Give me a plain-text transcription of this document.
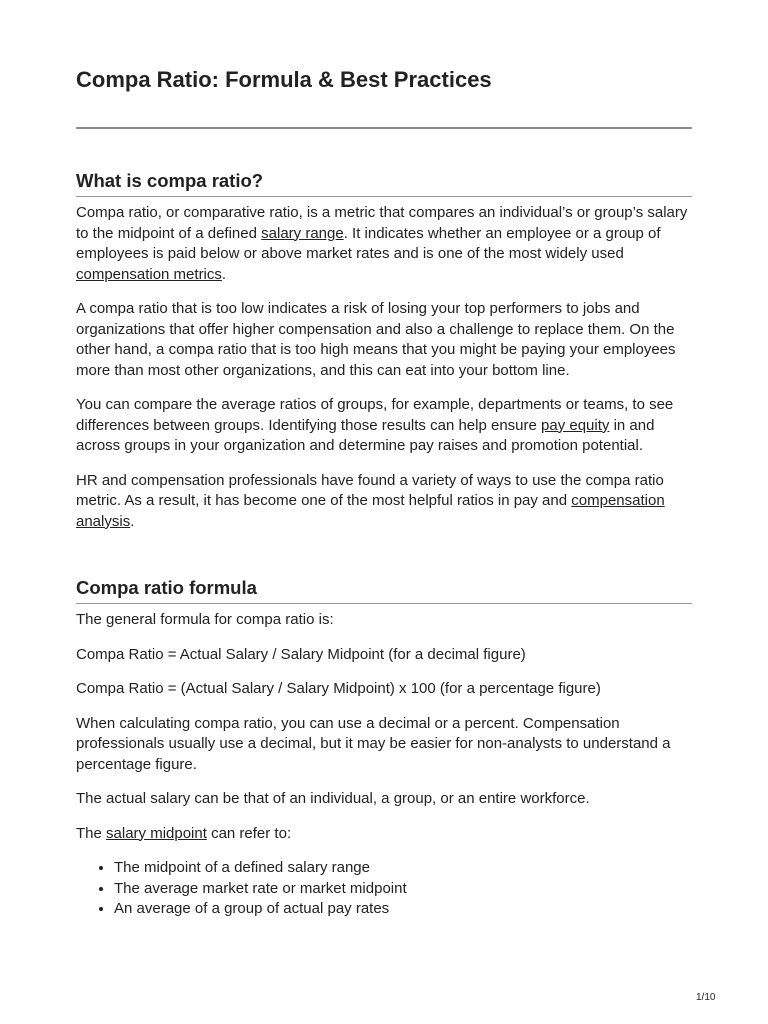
Compa Ratio: Formula & Best Practices
What is compa ratio?

Compa ratio, or comparative ratio, is a metric that compares an individual’s or group’s salary to the midpoint of a defined salary range. It indicates whether an employee or a group of employees is paid below or above market rates and is one of the most widely used compensation metrics.

A compa ratio that is too low indicates a risk of losing your top performers to jobs and organizations that offer higher compensation and also a challenge to replace them. On the other hand, a compa ratio that is too high means that you might be paying your employees more than most other organizations, and this can eat into your bottom line.

You can compare the average ratios of groups, for example, departments or teams, to see differences between groups. Identifying those results can help ensure pay equity in and across groups in your organization and determine pay raises and promotion potential.

HR and compensation professionals have found a variety of ways to use the compa ratio metric. As a result, it has become one of the most helpful ratios in pay and compensation analysis.

Compa ratio formula

The general formula for compa ratio is:

Compa Ratio = Actual Salary / Salary Midpoint (for a decimal figure)

Compa Ratio = (Actual Salary / Salary Midpoint) x 100 (for a percentage figure)

When calculating compa ratio, you can use a decimal or a percent. Compensation professionals usually use a decimal, but it may be easier for non-analysts to understand a percentage figure.

The actual salary can be that of an individual, a group, or an entire workforce.

The salary midpoint can refer to:

• The midpoint of a defined salary range
• The average market rate or market midpoint
• An average of a group of actual pay rates
1/10
